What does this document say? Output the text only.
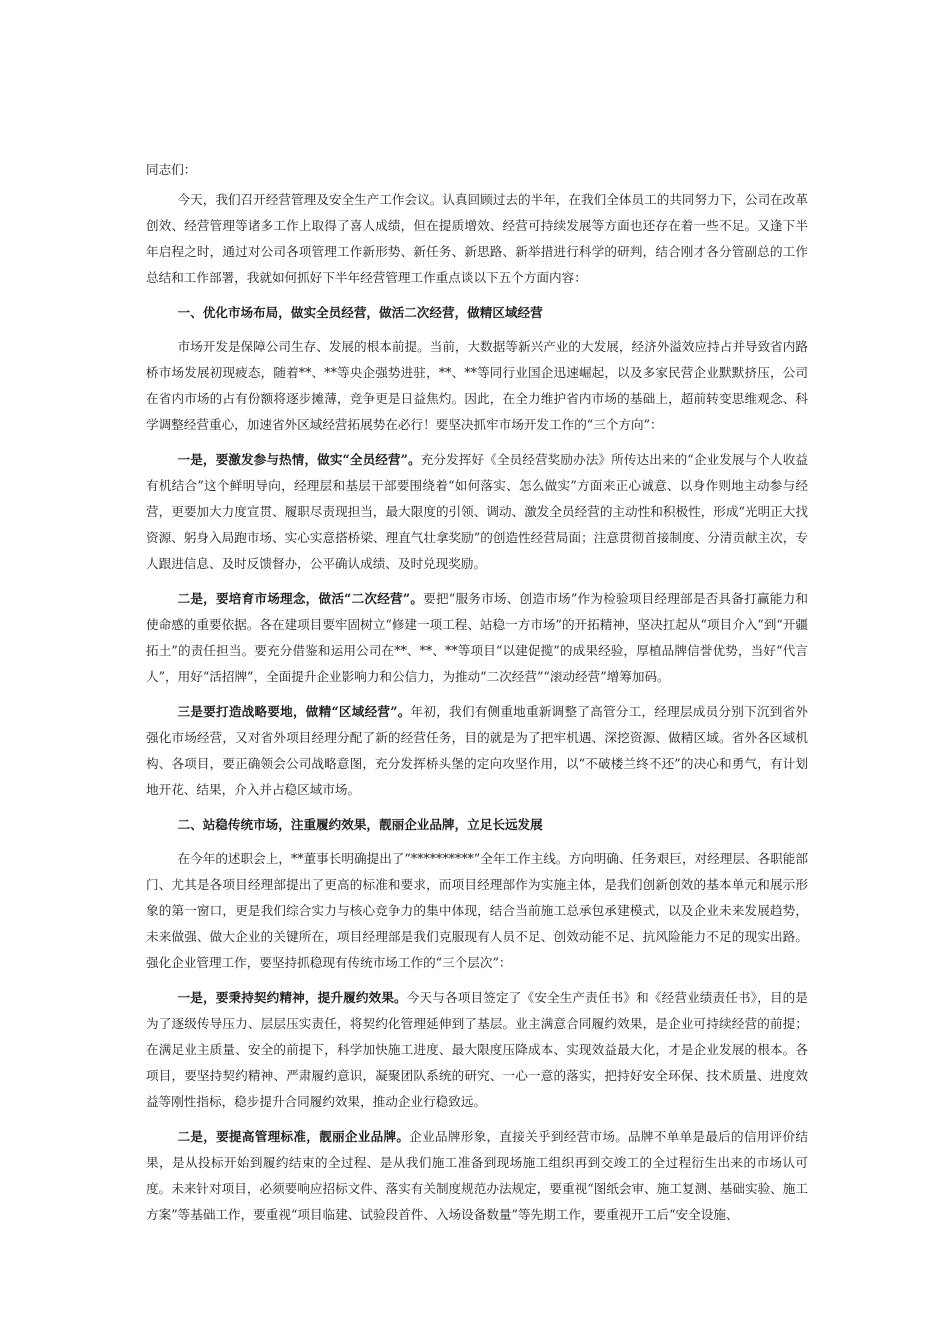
同志们：

今天，我们召开经营管理及安全生产工作会议。认真回顾过去的半年，在我们全体员工的共同努力下，公司在改革创效、经营管理等诸多工作上取得了喜人成绩，但在提质增效、经营可持续发展等方面也还存在着一些不足。又逢下半年启程之时，通过对公司各项管理工作新形势、新任务、新思路、新举措进行科学的研判，结合刚才各分管副总的工作总结和工作部署，我就如何抓好下半年经营管理工作重点谈以下五个方面内容：

一、优化市场布局，做实全员经营，做活二次经营，做精区域经营

市场开发是保障公司生存、发展的根本前提。当前，大数据等新兴产业的大发展，经济外溢效应持占并导致省内路桥市场发展初现疲态，随着**、**等央企强势进驻，**、**等同行业国企迅速崛起，以及多家民营企业默默挤压，公司在省内市场的占有份额将逐步摊薄，竞争更是日益焦灼。因此，在全力维护省内市场的基础上，超前转变思维观念、科学调整经营重心，加速省外区域经营拓展势在必行！要坚决抓牢市场开发工作的“三个方向”：

一是，要激发参与热情，做实“全员经营”。充分发挥好《全员经营奖励办法》所传达出来的“企业发展与个人收益有机结合”这个鲜明导向，经理层和基层干部要围绕着“如何落实、怎么做实”方面来正心诚意、以身作则地主动参与经营，更要加大力度宣贯、履职尽责现担当，最大限度的引领、调动、激发全员经营的主动性和积极性，形成“光明正大找资源、躬身入局跑市场、实心实意搭桥梁、理直气壮拿奖励”的创造性经营局面；注意贯彻首接制度、分清贡献主次，专人跟进信息、及时反馈督办，公平确认成绩、及时兑现奖励。

二是，要培育市场理念，做活“二次经营”。要把“服务市场、创造市场”作为检验项目经理部是否具备打赢能力和使命感的重要依据。各在建项目要牢固树立“修建一项工程、站稳一方市场”的开拓精神，坚决扛起从“项目介入”到“开疆拓土”的责任担当。要充分借鉴和运用公司在**、**、**等项目“以建促揽”的成果经验，厚植品牌信誉优势，当好“代言人”，用好“活招牌”，全面提升企业影响力和公信力，为推动“二次经营”“滚动经营”增筹加码。

三是要打造战略要地，做精“区域经营”。年初，我们有侧重地重新调整了高管分工，经理层成员分别下沉到省外强化市场经营，又对省外项目经理分配了新的经营任务，目的就是为了把牢机遇、深挖资源、做精区域。省外各区域机构、各项目，要正确领会公司战略意图，充分发挥桥头堡的定向攻坚作用，以“不破楼兰终不还”的决心和勇气，有计划地开花、结果，介入并占稳区域市场。

二、站稳传统市场，注重履约效果，靓丽企业品牌，立足长远发展

在今年的述职会上，**董事长明确提出了“**********”全年工作主线。方向明确、任务艰巨，对经理层、各职能部门、尤其是各项目经理部提出了更高的标准和要求，而项目经理部作为实施主体，是我们创新创效的基本单元和展示形象的第一窗口，更是我们综合实力与核心竞争力的集中体现，结合当前施工总承包承建模式，以及企业未来发展趋势，未来做强、做大企业的关键所在，项目经理部是我们克服现有人员不足、创效动能不足、抗风险能力不足的现实出路。强化企业管理工作，要坚持抓稳现有传统市场工作的“三个层次”：

一是，要秉持契约精神，提升履约效果。今天与各项目签定了《安全生产责任书》和《经营业绩责任书》，目的是为了逐级传导压力、层层压实责任，将契约化管理延伸到了基层。业主满意合同履约效果，是企业可持续经营的前提；在满足业主质量、安全的前提下，科学加快施工进度、最大限度压降成本、实现效益最大化，才是企业发展的根本。各项目，要坚持契约精神、严肃履约意识，凝聚团队系统的研究、一心一意的落实，把持好安全环保、技术质量、进度效益等刚性指标，稳步提升合同履约效果，推动企业行稳致远。

二是，要提高管理标准，靓丽企业品牌。企业品牌形象，直接关乎到经营市场。品牌不单单是最后的信用评价结果，是从投标开始到履约结束的全过程、是从我们施工准备到现场施工组织再到交竣工的全过程衍生出来的市场认可度。未来针对项目，必须要响应招标文件、落实有关制度规范办法规定，要重视“图纸会审、施工复测、基础实验、施工方案”等基础工作，要重视“项目临建、试验段首件、入场设备数量”等先期工作，要重视开工后“安全设施、
